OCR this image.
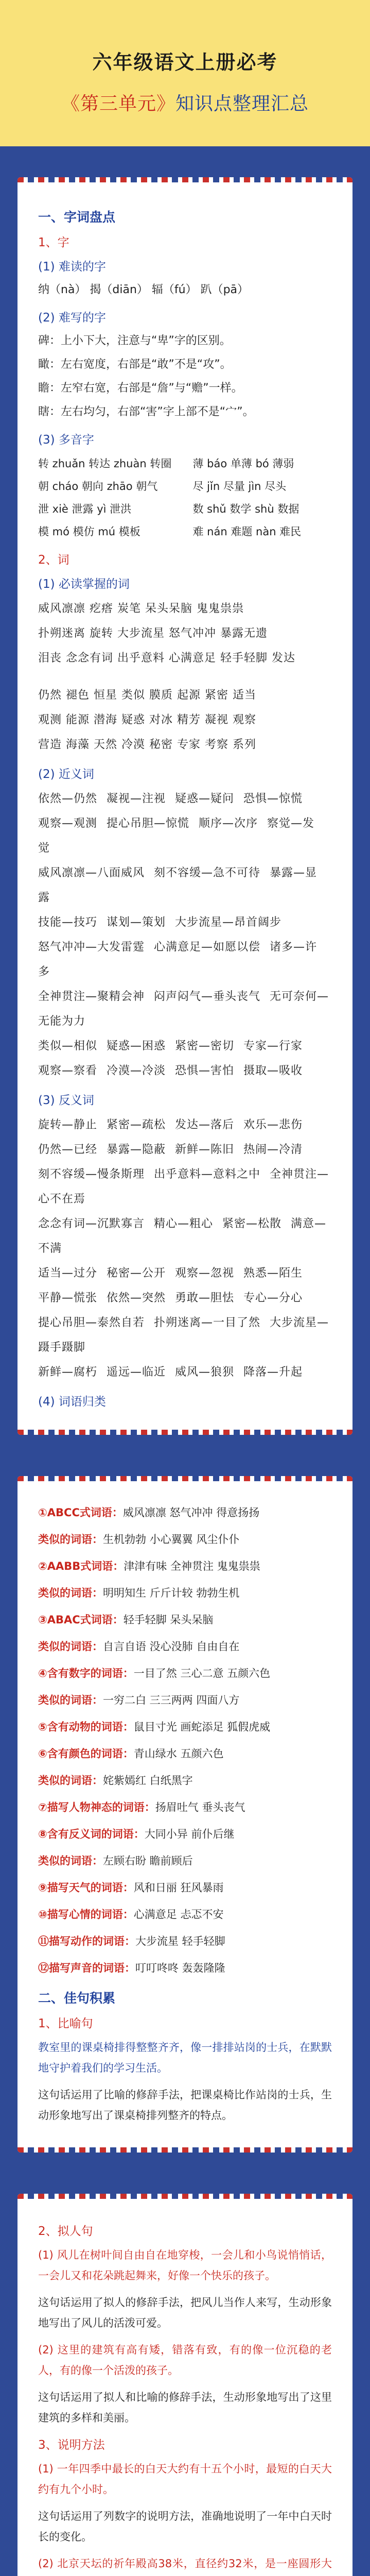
六年级语文上册必考
《第三单元》知识点整理汇总
一、字词盘点
1、字
(1) 难读的字
纳（nà） 揭（diān） 辐（fú） 趴（pā）
(2) 难写的字
碑：上小下大，注意与“卑”字的区别。
瞰：左右宽度，右部是“敢”不是“攻”。
瞻：左窄右宽，右部是“詹”与“赡”一样。
瞎：左右均匀，右部“害”字上部不是“宀”。
(3) 多音字
转 zhuǎn 转达 zhuàn 转圈	薄 báo 单薄 bó 薄弱
朝 cháo 朝向 zhāo 朝气	尽 jǐn 尽量 jìn 尽头
泄 xiè 泄露 yì 泄洪	数 shǔ 数学 shù 数据
模 mó 模仿 mú 模板	难 nán 难题 nàn 难民
2、词
(1) 必读掌握的词
威风凛凛 疙瘩 炭笔 呆头呆脑 鬼鬼祟祟
扑朔迷离 旋转 大步流星 怒气冲冲 暴露无遗
泪丧 念念有词 出乎意料 心满意足 轻手轻脚 发达
仍然 褪色 恒星 类似 膜质 起源 紧密 适当
观测 能源 潜海 疑惑 对冰 精芳 凝视 观察
营造 海藻 天然 冷漠 秘密 专家 考察 系列
(2) 近义词
依然—仍然 凝视—注视 疑惑—疑问 恐惧—惊慌
观察—观测 提心吊胆—惊慌 顺序—次序 察觉—发觉
威风凛凛—八面威风 刻不容缓—急不可待 暴露—显露
技能—技巧 谋划—策划 大步流星—昂首阔步
怒气冲冲—大发雷霆 心满意足—如愿以偿 诸多—许多
全神贯注—聚精会神 闷声闷气—垂头丧气 无可奈何—无能为力
类似—相似 疑惑—困惑 紧密—密切 专家—行家
观察—察看 冷漠—冷淡 恐惧—害怕 摄取—吸收
(3) 反义词
旋转—静止 紧密—疏松 发达—落后 欢乐—悲伤
仍然—已经 暴露—隐蔽 新鲜—陈旧 热闹—冷清
刻不容缓—慢条斯理 出乎意料—意料之中 全神贯注—心不在焉
念念有词—沉默寡言 精心—粗心 紧密—松散 满意—不满
适当—过分 秘密—公开 观察—忽视 熟悉—陌生
平静—慌张 依然—突然 勇敢—胆怯 专心—分心
提心吊胆—泰然自若 扑朔迷离—一目了然 大步流星—蹑手蹑脚
新鲜—腐朽 遥远—临近 威风—狼狈 降落—升起
(4) 词语归类
①ABCC式词语：威风凛凛 怒气冲冲 得意扬扬
类似的词语：生机勃勃 小心翼翼 风尘仆仆
②AABB式词语：津津有味 全神贯注 鬼鬼祟祟
类似的词语：明明知生 斤斤计较 勃勃生机
③ABAC式词语：轻手轻脚 呆头呆脑
类似的词语：自言自语 没心没肺 自由自在
④含有数字的词语：一目了然 三心二意 五颜六色
类似的词语：一穷二白 三三两两 四面八方
⑤含有动物的词语：鼠目寸光 画蛇添足 狐假虎威
⑥含有颜色的词语：青山绿水 五颜六色
类似的词语：姹紫嫣红 白纸黑字
⑦描写人物神态的词语：扬眉吐气 垂头丧气
⑧含有反义词的词语：大同小异 前仆后继
类似的词语：左顾右盼 瞻前顾后
⑨描写天气的词语：风和日丽 狂风暴雨
⑩描写心情的词语：心满意足 忐忑不安
⑪描写动作的词语：大步流星 轻手轻脚
⑫描写声音的词语：叮叮咚咚 轰轰隆隆
二、佳句积累
1、比喻句
教室里的课桌椅排得整整齐齐，像一排排站岗的士兵，在默默地守护着我们的学习生活。
这句话运用了比喻的修辞手法，把课桌椅比作站岗的士兵，生动形象地写出了课桌椅排列整齐的特点。
2、拟人句
(1) 风儿在树叶间自由自在地穿梭，一会儿和小鸟说悄悄话，一会儿又和花朵跳起舞来，好像一个快乐的孩子。
这句话运用了拟人的修辞手法，把风儿当作人来写，生动形象地写出了风儿的活泼可爱。
(2) 这里的建筑有高有矮，错落有致，有的像一位沉稳的老人，有的像一个活泼的孩子。
这句话运用了拟人和比喻的修辞手法，生动形象地写出了这里建筑的多样和美丽。
3、说明方法
(1) 一年四季中最长的白天大约有十五个小时，最短的白天大约有九个小时。
这句话运用了列数字的说明方法，准确地说明了一年中白天时长的变化。
(2) 北京天坛的祈年殿高38米，直径约32米，是一座圆形大
